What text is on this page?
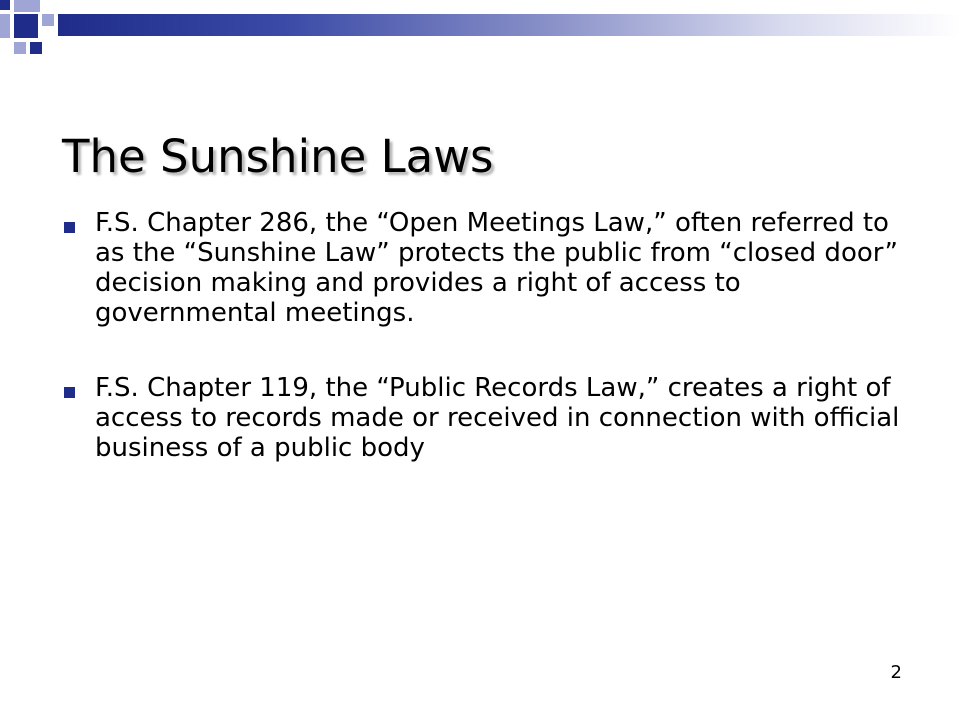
The Sunshine Laws
F.S. Chapter 286, the “Open Meetings Law,” often referred to as the “Sunshine Law” protects the public from “closed door” decision making and provides a right of access to governmental meetings.
F.S. Chapter 119, the “Public Records Law,” creates a right of access to records made or received in connection with official business of a public body
2
